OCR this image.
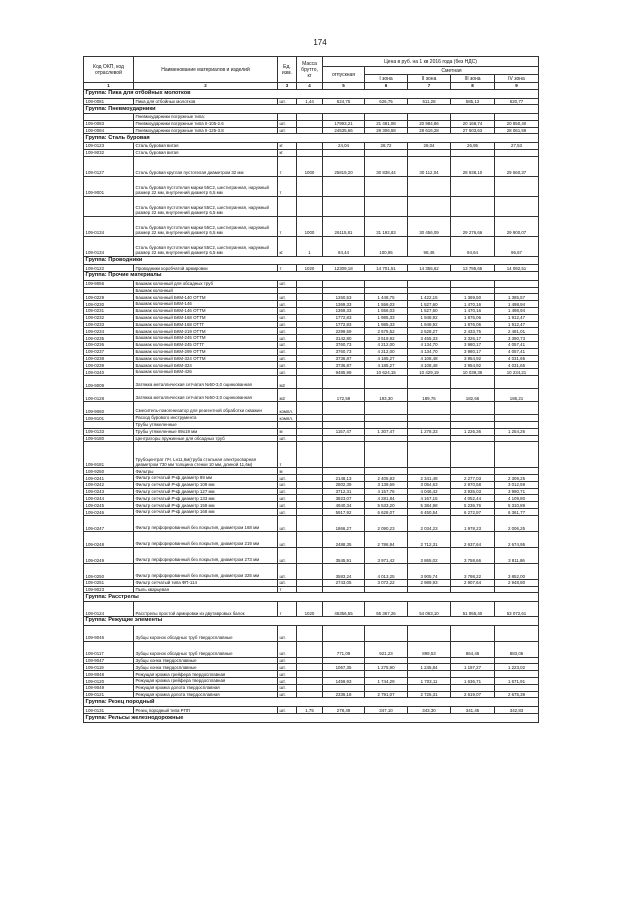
174
Код ОКП, код отраслевой	Наименование материалов и изделий	Ед. изм.	Масса брутто, кг	Цена в руб. на 1 кв 2016 года (без НДС)				
				отпускная	Сметная			
					I зона	II зона	III зона	IV зона
1	2	3	4	5	6	7	8	9
Группа: Пика для отбойных молотков								
109-0081	Пика для отбойных молотков	шт.	1,44	624,75	626,75	611,28	585,13	620,77
Группа: Пневмоударники								
	Пневмоударники погружные типа:							
109-0083	Пневмоударники погружные типа II-105-2.6	шт.		17993,21	21 481,08	20 984,86	20 168,74	20 850,40
109-0084	Пневмоударники погружные типа II-125-3.8	шт.		24535,66	29 306,58	28 616,28	27 503,63	28 061,59
Группа: Сталь буровая								
109-0123	Сталь буровая витая	кг		24,04	28,72	28,04	26,95	27,53
109-9032	Сталь буровая витая	кг						
109-0127	Сталь буровая круглая пустотелая диаметром 32 мм	т	1000	25819,20	30 838,44	30 112,04	28 938,10	29 560,37
109-9001	Сталь буровая пустотелая марки 55С2, шестигранная, наружный размер 22 мм, внутренний диаметр 6,5 мм	т						
	Сталь буровая пустотелая марки 55С2, шестигранная, наружный размер 22 мм, внутренний диаметр 6,5 мм							
109-0134	Сталь буровая пустотелая марки 55С2, шестигранная, наружный размер 22 мм, внутренний диаметр 6,5 мм	т	1000	26115,81	31 192,83	30 456,09	29 276,66	29 900,07
109-0134	Сталь буровая пустотелая марки 55С2, шестигранная, наружный размер 22 мм, внутренний диаметр 6,5 мм	кг	1	84,44	100,95	98,46	94,64	96,67
Группа: Проводники								
109-0122	Проводники коробчатой армировки	т	1020	12309,18	14 701,51	14 355,62	13 795,65	14 092,51
Группа: Прочие материалы								
109-9056	Башмак колонный для обсадных труб	шт.						
	Башмак колонный							
109-0229	Башмак колонный БКМ-140 ОТТМ	шт.		1260,53	1 448,75	1 422,15	1 369,50	1 385,57
109-0230	Башмак колонный БКМ-146	шт.		1369,33	1 556,03	1 527,60	1 470,16	1 498,94
109-0231	Башмак колонный БКМ-146 ОТТМ	шт.		1369,33	1 556,03	1 527,60	1 470,16	1 498,94
109-0232	Башмак колонный БКМ-168 ОТТМ	шт.		1772,83	1 985,33	1 948,92	1 876,06	1 912,47
109-0233	Башмак колонный БКМ-168 ОТТГ	шт.		1772,83	1 985,33	1 948,92	1 876,06	1 912,47
109-0234	Башмак колонный БКМ-219 ОТТМ	шт.		2299,59	2 575,52	2 528,27	2 433,75	2 481,01
109-0235	Башмак колонный БКМ-245 ОТТМ	шт.		3142,80	3 519,92	3 455,33	3 326,17	3 390,73
109-0236	Башмак колонный БКМ-245 ОТТГ	шт.		3760,73	4 212,00	4 134,70	3 980,17	4 057,41
109-0237	Башмак колонный БКМ-299 ОТТМ	шт.		3760,73	4 212,00	4 134,70	3 980,17	4 057,41
109-0238	Башмак колонный БКМ-324 ОТТМ	шт.		3736,87	4 185,27	4 108,48	3 954,92	4 031,65
109-0239	Башмак колонный БКМ-324	шт.		3736,87	4 185,27	4 108,48	3 954,92	4 031,65
109-0240	Башмак колонный БКМ-426	шт.		9485,99	10 624,15	10 429,19	10 039,36	10 234,21
109-9009	Затяжка металлическая сетчатая №50-3,0 оцинкованная	м2						
109-0128	Затяжка металлическая сетчатая №50-3,0 оцинкованная	м2		172,59	193,30	189,76	182,66	186,21
109-9060	Смеситель-гомогенизатор для реагентной обработки скважин	компл.						
109-9101	Расход бурового инструмента	компл.						
	Трубы утяжеленные							
109-0133	Трубы утяжеленные 89х19 мм	м		1157,47	1 307,47	1 278,33	1 226,36	1 254,26
109-9180	Центраторы пружинные для обсадных труб	шт.						
109-9181	Трубоцентрат ЛЧ. Lн11,6м(труба стальная электросварная диаметром 730 мм толщина стенки 10 мм, длиной 11,6м)	т						
109-9250	Фильтры	м						
109-0241	Фильтр сетчатый Рчф диаметр 89 мм	шт.		2148,13	2 405,83	2 341,48	2 277,03	2 309,25
109-0242	Фильтр сетчатый Рчф диаметр 108 мм	шт.		2802,39	3 138,69	3 054,63	2 970,58	3 012,59
109-0243	Фильтр сетчатый Рчф диаметр 127 мм	шт.		3712,31	4 157,76	4 046,42	3 935,03	3 990,71
109-0244	Фильтр сетчатый Рчф диаметр 133 мм	шт.		3823,07	4 281,84	4 167,15	4 052,44	4 109,80
109-0245	Фильтр сетчатый Рчф диаметр 159 мм	шт.		4940,34	5 533,20	5 384,98	5 236,76	5 310,89
109-0246	Фильтр сетчатый Рчф диаметр 168 мм	шт.		5917,92	6 628,07	6 450,54	6 272,97	6 361,77
109-0247	Фильтр перфорированный без покрытия, диаметром 168 мм	шт.		1866,27	2 090,23	2 034,23	1 978,23	2 006,25
109-0248	Фильтр перфорированный без покрытия, диаметром 219 мм	шт.		2488,35	2 786,94	2 712,31	2 637,64	2 674,95
109-0249	Фильтр перфорированный без покрытия, диаметром 273 мм	шт.		3545,91	3 971,42	3 865,02	3 758,66	3 811,86
109-0250	Фильтр перфорированный без покрытия, диаметром 325 мм	шт.		3583,24	4 013,25	3 905,74	3 798,22	3 852,00
109-0251	Фильтр сетчатый типа ФП-114	шт.		2743,05	3 072,22	2 989,93	2 907,64	2 948,80
109-9023	Пыль кварцевая	т						
Группа: Расстрелы								
109-0124	Расстрелы простой армировки из двутавровых балок	т	1020	46356,55	55 367,26	54 063,10	51 955,40	53 072,61
Группа: Режущие элементы								
109-9046	Зубцы коронок обсадных труб твердосплавные	шт.						
109-0117	Зубцы коронок обсадных труб твердосплавные	шт.		771,09	921,23	899,53	864,46	883,05
109-9047	Зубцы хонка твердосплавные	шт.						
109-0119	Зубцы хонка твердосплавные	шт.		1067,35	1 275,90	1 245,84	1 197,27	1 223,02
109-9048	Режущая кромка грейфера твердосплавная	шт.						
109-0120	Режущая кромка грейфера твердосплавная	шт.		1459,93	1 744,29	1 703,11	1 636,71	1 671,91
109-9049	Режущая кромка долота твердосплавная	шт.						
109-0121	Режущая кромка долота твердосплавная	шт.		2336,18	2 791,07	2 725,31	2 619,07	2 675,39
Группа: Резец породный								
109-0131	Резец породный типа РПП	шт.	1,75	278,49	347,10	343,30	341,45	342,83
Группа: Рельсы железнодорожные								
